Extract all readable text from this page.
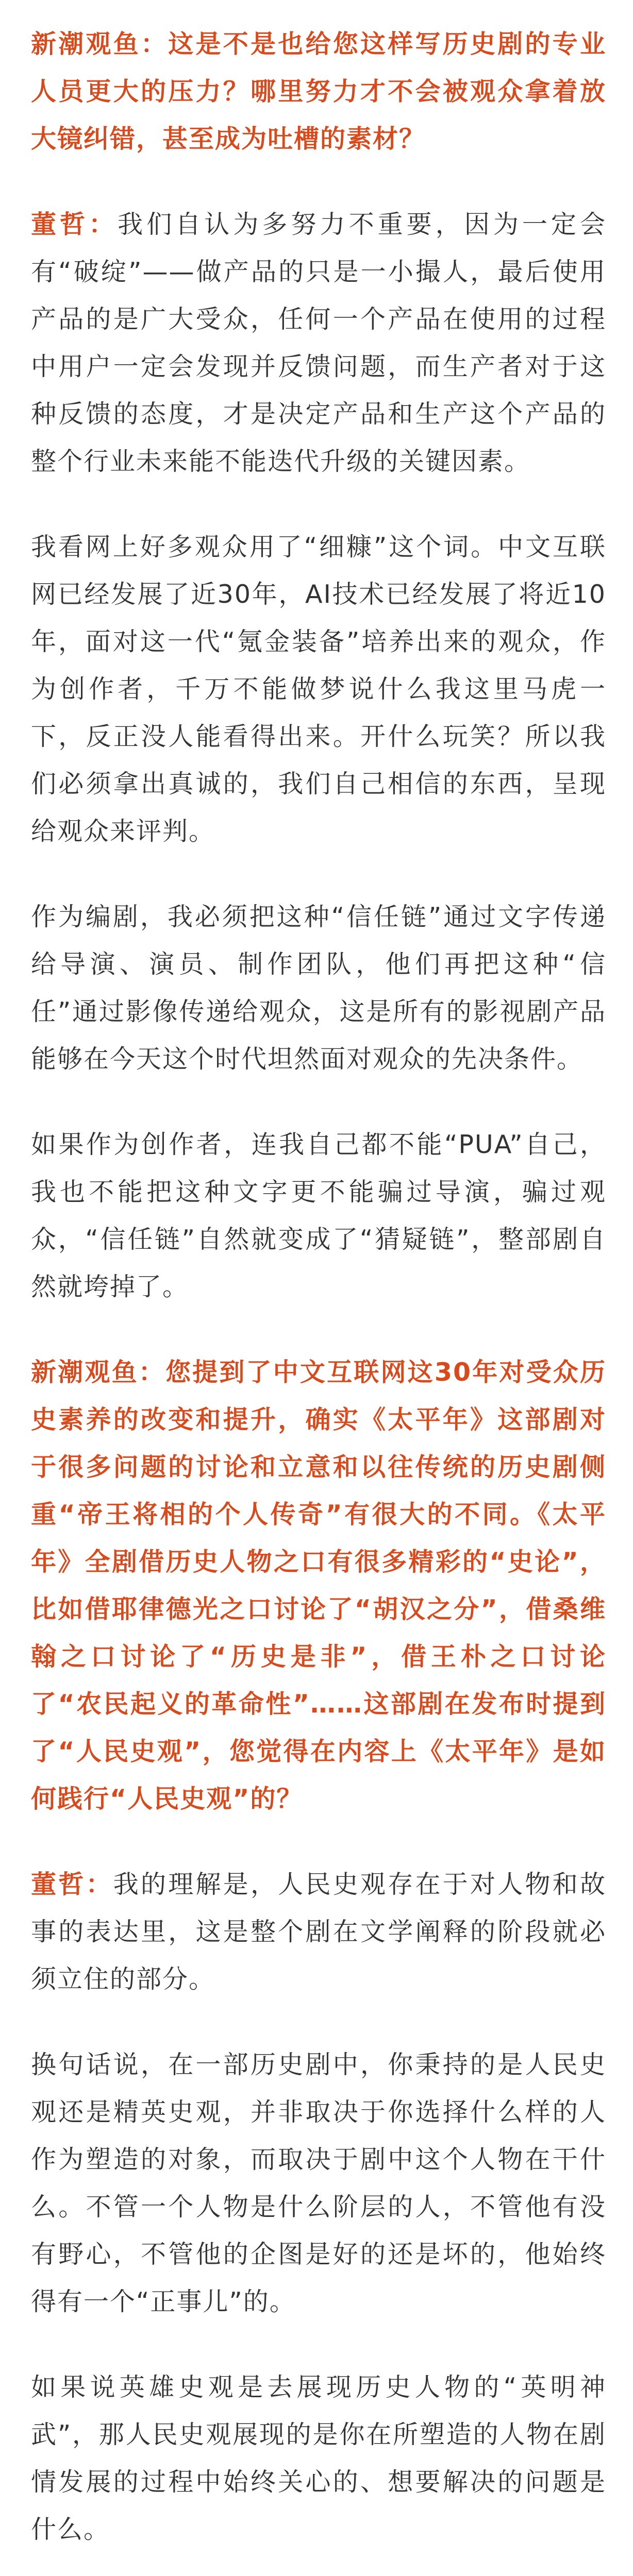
新潮观鱼：这是不是也给您这样写历史剧的专业人员更大的压力？哪里努力才不会被观众拿着放大镜纠错，甚至成为吐槽的素材？

董哲：我们自认为多努力不重要，因为一定会有“破绽”——做产品的只是一小撮人，最后使用产品的是广大受众，任何一个产品在使用的过程中用户一定会发现并反馈问题，而生产者对于这种反馈的态度，才是决定产品和生产这个产品的整个行业未来能不能迭代升级的关键因素。

我看网上好多观众用了“细糠”这个词。中文互联网已经发展了近30年，AI技术已经发展了将近10年，面对这一代“氪金装备”培养出来的观众，作为创作者，千万不能做梦说什么我这里马虎一下，反正没人能看得出来。开什么玩笑？所以我们必须拿出真诚的，我们自己相信的东西，呈现给观众来评判。

作为编剧，我必须把这种“信任链”通过文字传递给导演、演员、制作团队，他们再把这种“信任”通过影像传递给观众，这是所有的影视剧产品能够在今天这个时代坦然面对观众的先决条件。

如果作为创作者，连我自己都不能“PUA”自己，我也不能把这种文字更不能骗过导演，骗过观众，“信任链”自然就变成了“猜疑链”，整部剧自然就垮掉了。

新潮观鱼：您提到了中文互联网这30年对受众历史素养的改变和提升，确实《太平年》这部剧对于很多问题的讨论和立意和以往传统的历史剧侧重“帝王将相的个人传奇”有很大的不同。《太平年》全剧借历史人物之口有很多精彩的“史论”，比如借耶律德光之口讨论了“胡汉之分”，借桑维翰之口讨论了“历史是非”，借王朴之口讨论了“农民起义的革命性”……这部剧在发布时提到了“人民史观”，您觉得在内容上《太平年》是如何践行“人民史观”的？

董哲：我的理解是，人民史观存在于对人物和故事的表达里，这是整个剧在文学阐释的阶段就必须立住的部分。

换句话说，在一部历史剧中，你秉持的是人民史观还是精英史观，并非取决于你选择什么样的人作为塑造的对象，而取决于剧中这个人物在干什么。不管一个人物是什么阶层的人，不管他有没有野心，不管他的企图是好的还是坏的，他始终得有一个“正事儿”的。

如果说英雄史观是去展现历史人物的“英明神武”，那人民史观展现的是你在所塑造的人物在剧情发展的过程中始终关心的、想要解决的问题是什么。
